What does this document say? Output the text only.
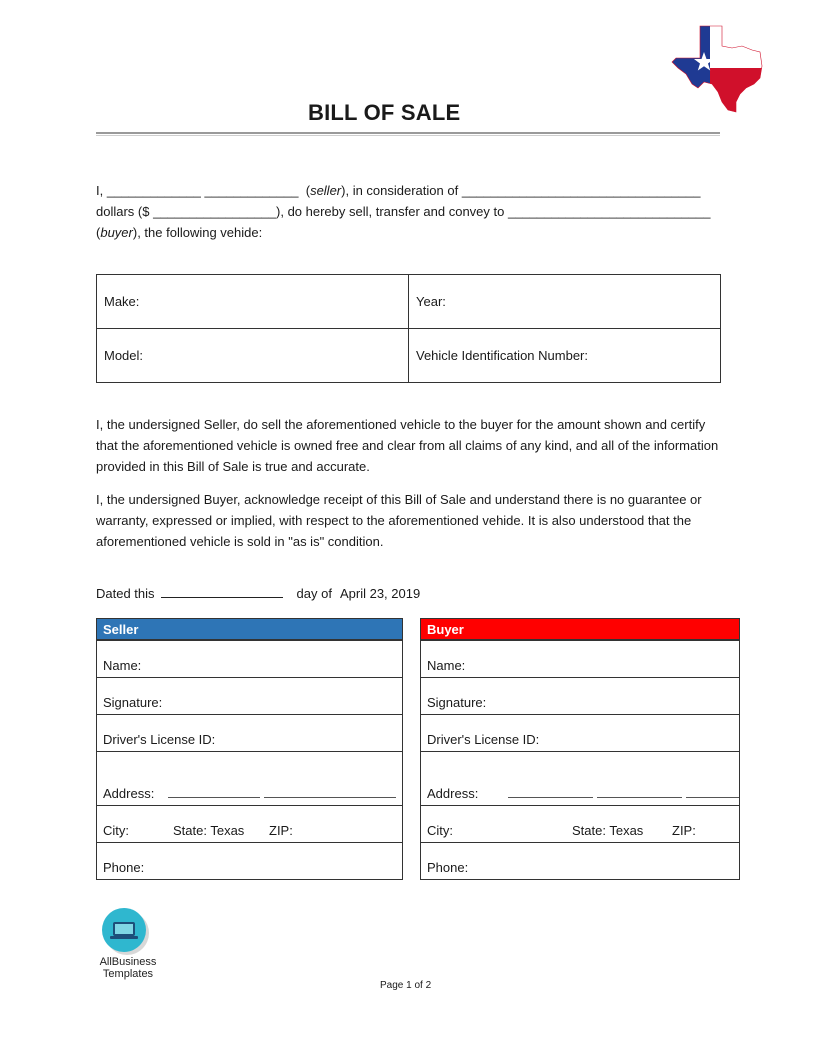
BILL OF SALE
I, _____________ _____________ (seller), in consideration of _________________________________
dollars ($ _________________), do hereby sell, transfer and convey to ____________________________
(buyer), the following vehide:
Make:	Year:
Model:	Vehicle Identification Number:
I, the undersigned Seller, do sell the aforementioned vehicle to the buyer for the amount shown and certify that the aforementioned vehicle is owned free and clear from all claims of any kind, and all of the information provided in this Bill of Sale is true and accurate.
I, the undersigned Buyer, acknowledge receipt of this Bill of Sale and understand there is no guarantee or warranty, expressed or implied, with respect to the aforementioned vehide. It is also understood that the aforementioned vehicle is sold in "as is" condition.
Dated this	day of April 23, 2019
Seller
Name:
Signature:
Driver's License ID:
Address:
City:	State: Texas	ZIP:
Phone:
Buyer
Name:
Signature:
Driver's License ID:
Address:
City:	State: Texas	ZIP:
Phone:
AllBusiness
Templates
Page 1 of 2
